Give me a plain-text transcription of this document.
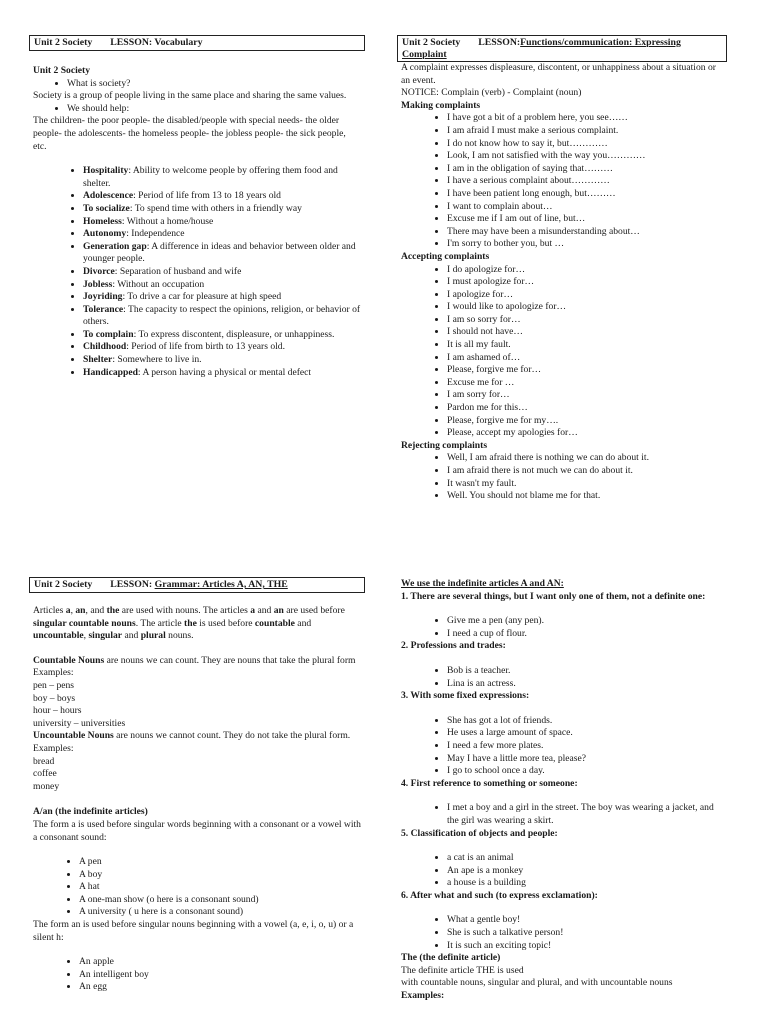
Unit 2 Society LESSON: Vocabulary

Unit 2 Society

• What is society?

Society is a group of people living in the same place and sharing the same values.

• We should help:

The children- the poor people- the disabled/people with special needs- the older people- the adolescents- the homeless people- the jobless people- the sick people, etc.

• Hospitality: Ability to welcome people by offering them food and shelter.
• Adolescence: Period of life from 13 to 18 years old
• To socialize: To spend time with others in a friendly way
• Homeless: Without a home/house
• Autonomy: Independence
• Generation gap: A difference in ideas and behavior between older and younger people.
• Divorce: Separation of husband and wife
• Jobless: Without an occupation
• Joyriding: To drive a car for pleasure at high speed
• Tolerance: The capacity to respect the opinions, religion, or behavior of others.
• To complain: To express discontent, displeasure, or unhappiness.
• Childhood: Period of life from birth to 13 years old.
• Shelter: Somewhere to live in.
• Handicapped: A person having a physical or mental defect
Unit 2 Society LESSON:Functions/communication: Expressing Complaint

A complaint expresses displeasure, discontent, or unhappiness about a situation or an event.

NOTICE: Complain (verb) - Complaint (noun)

Making complaints

• I have got a bit of a problem here, you see……
• I am afraid I must make a serious complaint.
• I do not know how to say it, but…………
• Look, I am not satisfied with the way you…………
• I am in the obligation of saying that………
• I have a serious complaint about…………
• I have been patient long enough, but………
• I want to complain about…
• Excuse me if I am out of line, but…
• There may have been a misunderstanding about…
• I'm sorry to bother you, but …

Accepting complaints

• I do apologize for…
• I must apologize for…
• I apologize for…
• I would like to apologize for…
• I am so sorry for…
• I should not have…
• It is all my fault.
• I am ashamed of…
• Please, forgive me for…
• Excuse me for …
• I am sorry for…
• Pardon me for this…
• Please, forgive me for my….
• Please, accept my apologies for…

Rejecting complaints

• Well, I am afraid there is nothing we can do about it.
• I am afraid there is not much we can do about it.
• It wasn't my fault.
• Well. You should not blame me for that.
Unit 2 Society LESSON: Grammar: Articles A, AN, THE

Articles a, an, and the are used with nouns. The articles a and an are used before singular countable nouns. The article the is used before countable and uncountable, singular and plural nouns.

Countable Nouns are nouns we can count. They are nouns that take the plural form

Examples:

pen – pens

boy – boys

hour – hours

university – universities

Uncountable Nouns are nouns we cannot count. They do not take the plural form.

Examples:

bread

coffee

money

A/an (the indefinite articles)

The form a is used before singular words beginning with a consonant or a vowel with a consonant sound:

• A pen
• A boy
• A hat
• A one-man show (o here is a consonant sound)
• A university ( u here is a consonant sound)

The form an is used before singular nouns beginning with a vowel (a, e, i, o, u) or a silent h:

• An apple
• An intelligent boy
• An egg

We use the indefinite articles A and AN:

1. There are several things, but I want only one of them, not a definite one:

• Give me a pen (any pen).
• I need a cup of flour.

2. Professions and trades:

• Bob is a teacher.
• Lina is an actress.

3. With some fixed expressions:

• She has got a lot of friends.
• He uses a large amount of space.
• I need a few more plates.
• May I have a little more tea, please?
• I go to school once a day.

4. First reference to something or someone:

• I met a boy and a girl in the street. The boy was wearing a jacket, and the girl was wearing a skirt.

5. Classification of objects and people:

• a cat is an animal
• An ape is a monkey
• a house is a building

6. After what and such (to express exclamation):

• What a gentle boy!
• She is such a talkative person!
• It is such an exciting topic!

The (the definite article)

The definite article THE is used

with countable nouns, singular and plural, and with uncountable nouns

Examples:
